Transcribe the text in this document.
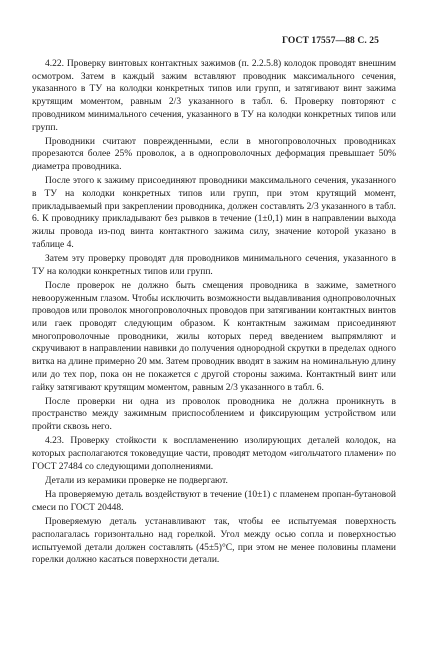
ГОСТ 17557—88 С. 25

4.22. Проверку винтовых контактных зажимов (п. 2.2.5.8) колодок проводят внешним осмотром. Затем в каждый зажим вставляют проводник максимального сечения, указанного в ТУ на колодки конкретных типов или групп, и затягивают винт зажима крутящим моментом, равным 2/3 указанного в табл. 6. Проверку повторяют с проводником минимального сечения, указанного в ТУ на колодки конкретных типов или групп.

Проводники считают поврежденными, если в многопроволочных проводниках прорезаются более 25% проволок, а в однопроволочных деформация превышает 50% диаметра проводника.

После этого к зажиму присоединяют проводники максимального сечения, указанного в ТУ на колодки конкретных типов или групп, при этом крутящий момент, прикладываемый при закреплении проводника, должен составлять 2/3 указанного в табл. 6. К проводнику прикладывают без рывков в течение (1±0,1) мин в направлении выхода жилы провода из-под винта контактного зажима силу, значение которой указано в таблице 4.

Затем эту проверку проводят для проводников минимального сечения, указанного в ТУ на колодки конкретных типов или групп.

После проверок не должно быть смещения проводника в зажиме, заметного невооруженным глазом. Чтобы исключить возможности выдавливания однопроволочных проводов или проволок многопроволочных проводов при затягивании контактных винтов или гаек проводят следующим образом. К контактным зажимам присоединяют многопроволочные проводники, жилы которых перед введением выпрямляют и скручивают в направлении навивки до получения однородной скрутки в пределах одного витка на длине примерно 20 мм. Затем проводник вводят в зажим на номинальную длину или до тех пор, пока он не покажется с другой стороны зажима. Контактный винт или гайку затягивают крутящим моментом, равным 2/3 указанного в табл. 6.

После проверки ни одна из проволок проводника не должна проникнуть в пространство между зажимным приспособлением и фиксирующим устройством или пройти сквозь него.

4.23. Проверку стойкости к воспламенению изолирующих деталей колодок, на которых располагаются токоведущие части, проводят методом «игольчатого пламени» по ГОСТ 27484 со следующими дополнениями.

Детали из керамики проверке не подвергают.

На проверяемую деталь воздействуют в течение (10±1) с пламенем пропан-бутановой смеси по ГОСТ 20448.

Проверяемую деталь устанавливают так, чтобы ее испытуемая поверхность располагалась горизонтально над горелкой. Угол между осью сопла и поверхностью испытуемой детали должен составлять (45±5)°С, при этом не менее половины пламени горелки должно касаться поверхности детали.
